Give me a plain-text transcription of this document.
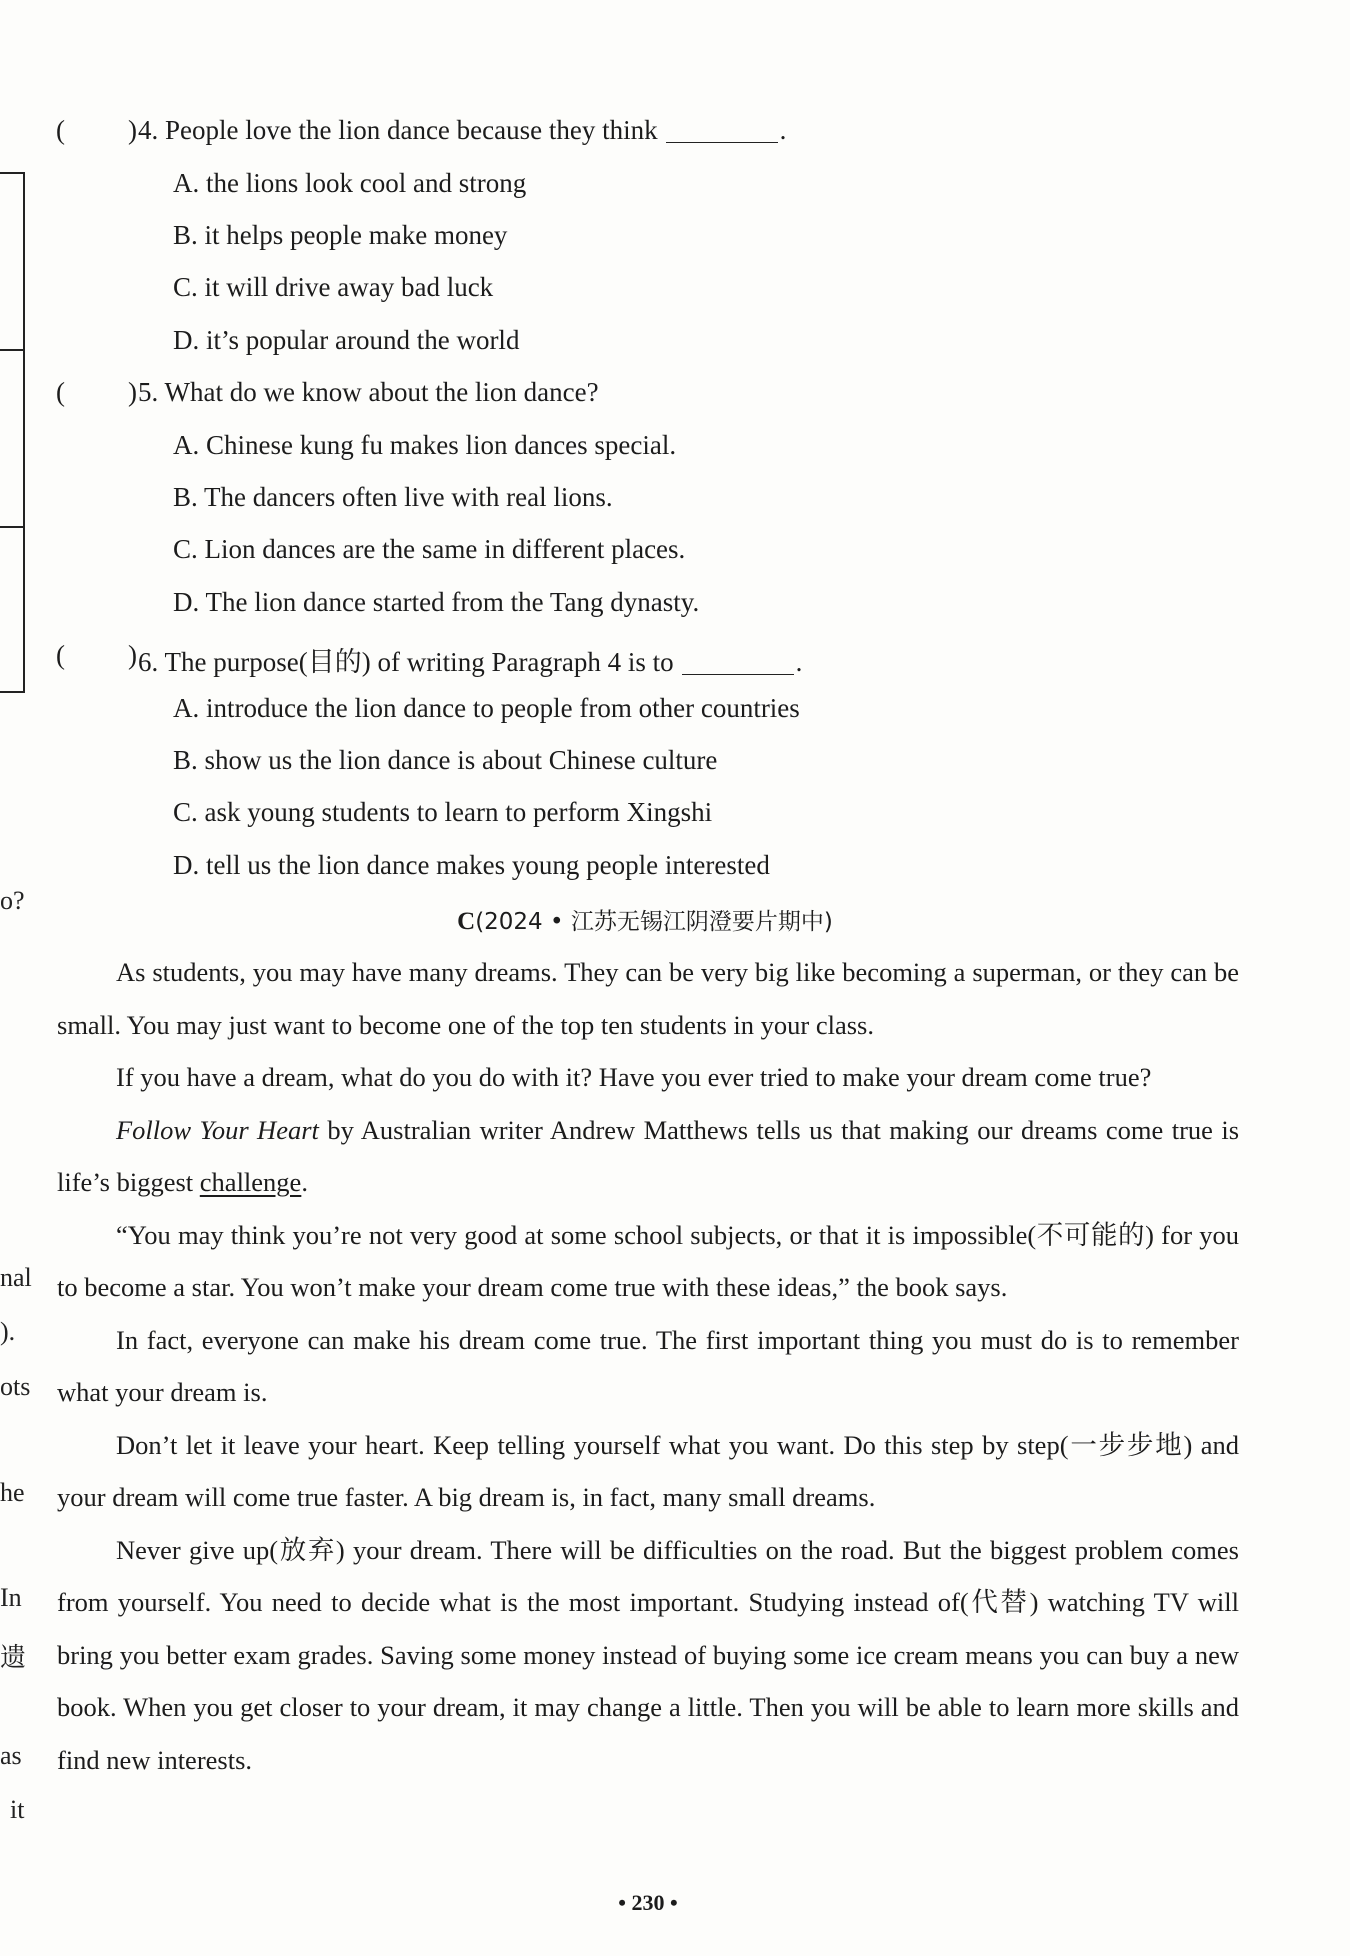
o?
nal
).
ots
he
In
遗
as
it
( ) 4. People love the lion dance because they think	.
A. the lions look cool and strong
B. it helps people make money
C. it will drive away bad luck
D. it’s popular around the world
( ) 5. What do we know about the lion dance?
A. Chinese kung fu makes lion dances special.
B. The dancers often live with real lions.
C. Lion dances are the same in different places.
D. The lion dance started from the Tang dynasty.
( ) 6. The purpose(目的) of writing Paragraph 4 is to	.
A. introduce the lion dance to people from other countries
B. show us the lion dance is about Chinese culture
C. ask young students to learn to perform Xingshi
D. tell us the lion dance makes young people interested
C(2024 • 江苏无锡江阴澄要片期中)

As students, you may have many dreams. They can be very big like becoming a superman, or they can be small. You may just want to become one of the top ten students in your class.

If you have a dream, what do you do with it? Have you ever tried to make your dream come true?

Follow Your Heart by Australian writer Andrew Matthews tells us that making our dreams come true is life’s biggest challenge.

“You may think you’re not very good at some school subjects, or that it is impossible(不可能的) for you to become a star. You won’t make your dream come true with these ideas,” the book says.

In fact, everyone can make his dream come true. The first important thing you must do is to remember what your dream is.

Don’t let it leave your heart. Keep telling yourself what you want. Do this step by step(一步步地) and your dream will come true faster. A big dream is, in fact, many small dreams.

Never give up(放弃) your dream. There will be difficulties on the road. But the biggest problem comes from yourself. You need to decide what is the most important. Studying instead of(代替) watching TV will bring you better exam grades. Saving some money instead of buying some ice cream means you can buy a new book. When you get closer to your dream, it may change a little. Then you will be able to learn more skills and find new interests.

• 230 •
